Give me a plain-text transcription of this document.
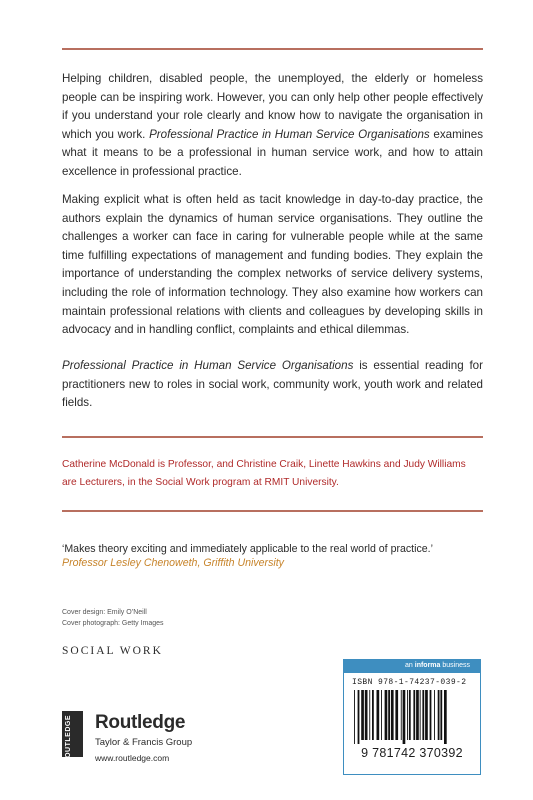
Helping children, disabled people, the unemployed, the elderly or homeless people can be inspiring work. However, you can only help other people effectively if you understand your role clearly and know how to navigate the organisation in which you work. Professional Practice in Human Service Organisations examines what it means to be a professional in human service work, and how to attain excellence in professional practice.

Making explicit what is often held as tacit knowledge in day-to-day practice, the authors explain the dynamics of human service organisations. They outline the challenges a worker can face in caring for vulnerable people while at the same time fulfilling expectations of management and funding bodies. They explain the importance of understanding the complex networks of service delivery systems, including the role of information technology. They also examine how workers can maintain professional relations with clients and colleagues by developing skills in advocacy and in handling conflict, complaints and ethical dilemmas.

Professional Practice in Human Service Organisations is essential reading for practitioners new to roles in social work, community work, youth work and related fields.

Catherine McDonald is Professor, and Christine Craik, Linette Hawkins and Judy Williams are Lecturers, in the Social Work program at RMIT University.

‘Makes theory exciting and immediately applicable to the real world of practice.’

Professor Lesley Chenoweth, Griffith University

Cover design: Emily O’Neill

Cover photograph: Getty Images

SOCIAL WORK
ROUTLEDGE Routledge
Taylor & Francis Group
www.routledge.com
an informa business
ISBN 978-1-74237-039-2
9 781742 370392
